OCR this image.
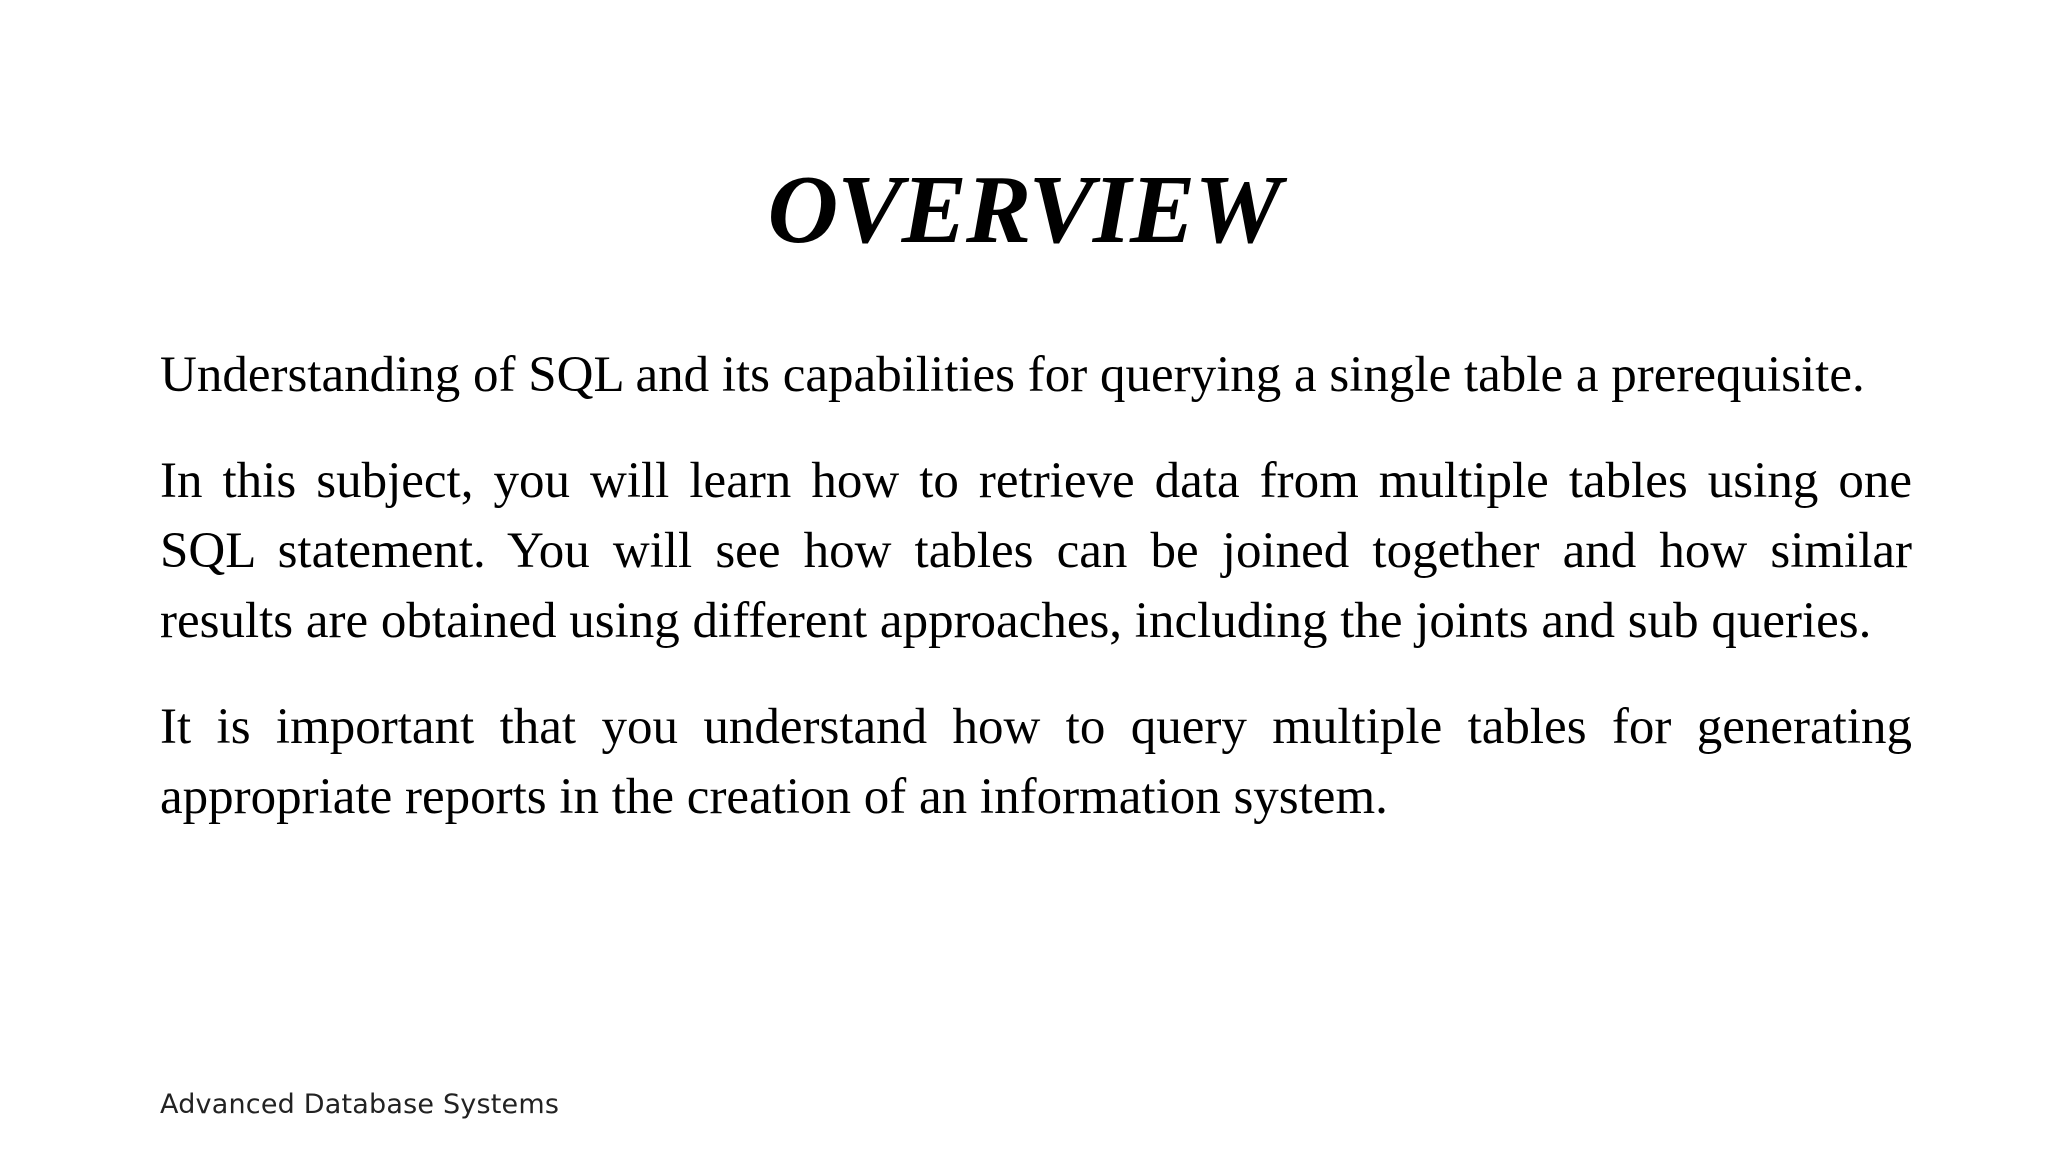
OVERVIEW

Understanding of SQL and its capabilities for querying a single table a prerequisite.

In this subject, you will learn how to retrieve data from multiple tables using one SQL statement. You will see how tables can be joined together and how similar results are obtained using different approaches, including the joints and sub queries.

It is important that you understand how to query multiple tables for generating appropriate reports in the creation of an information system.

Advanced Database Systems
